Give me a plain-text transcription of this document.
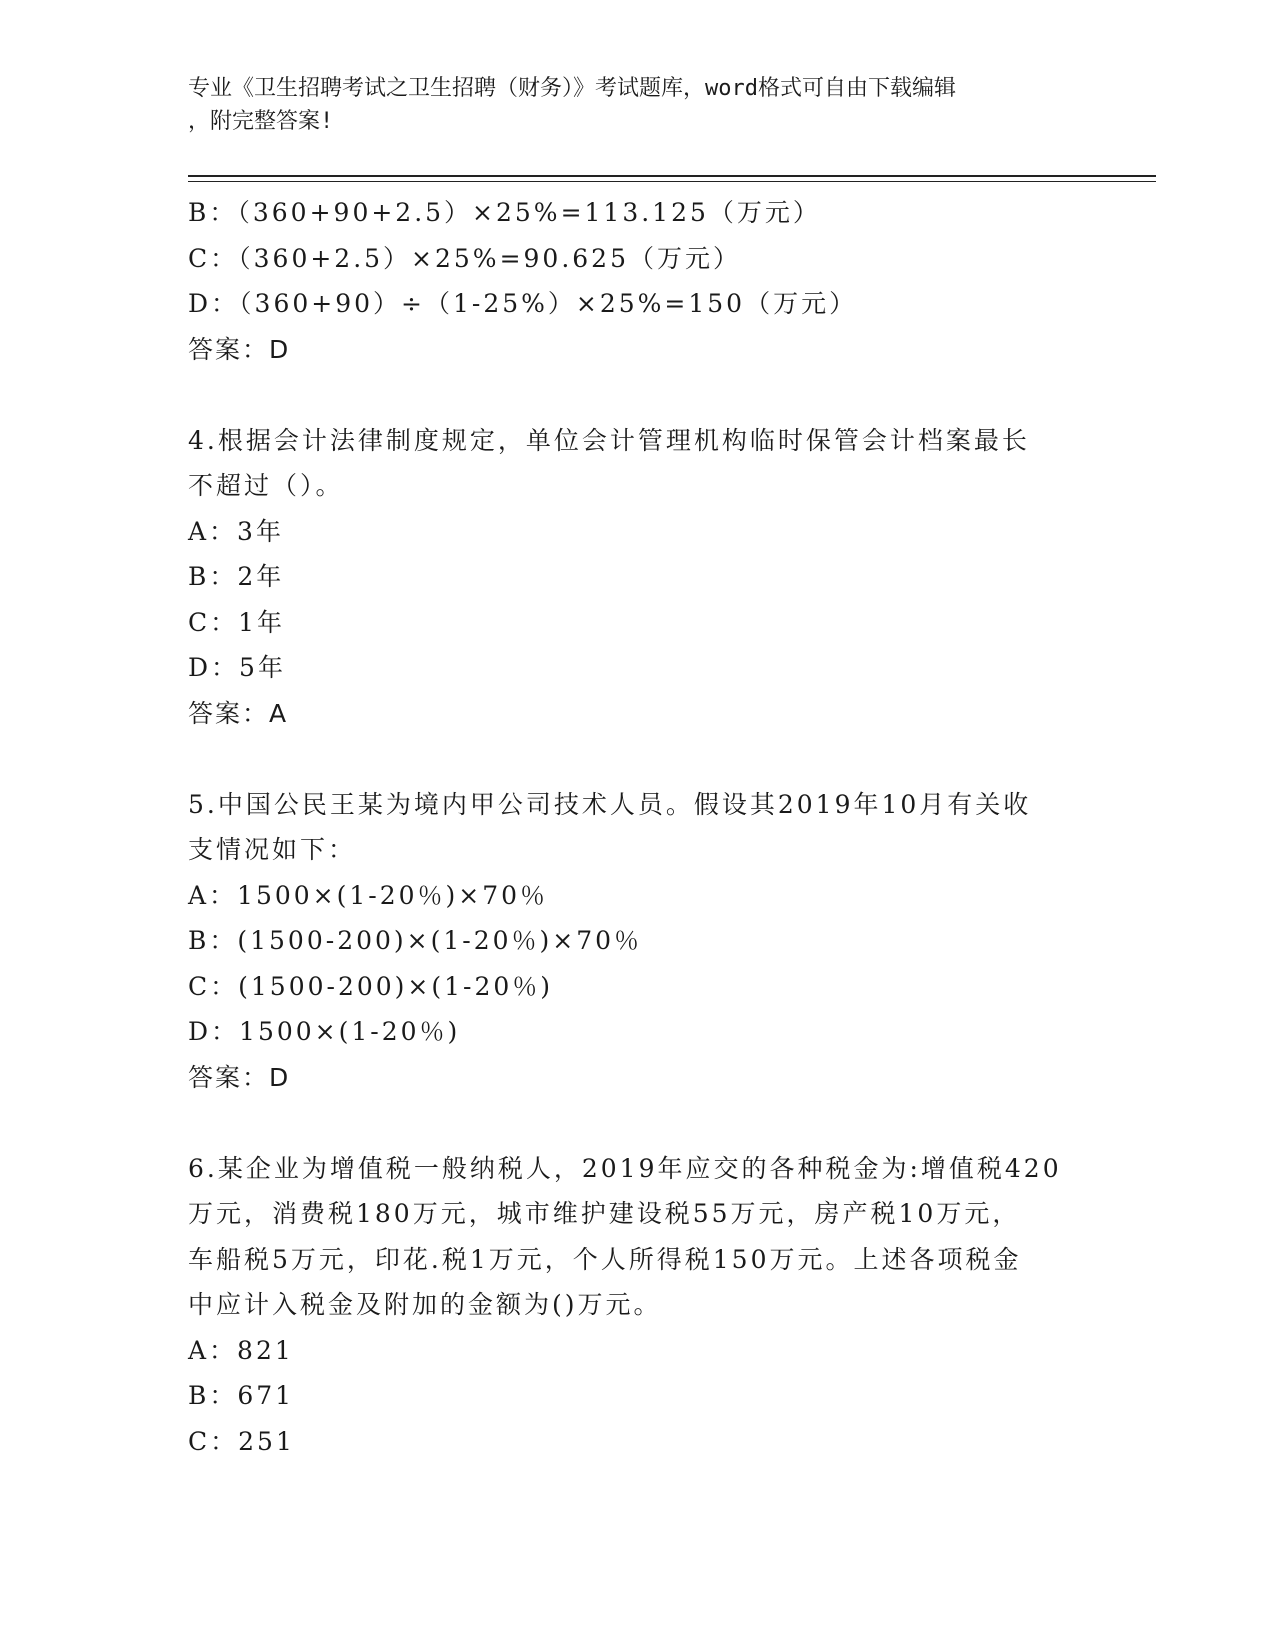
专业《卫生招聘考试之卫生招聘（财务）》考试题库，word格式可自由下载编辑
，附完整答案!
B：（360+90+2.5）×25%=113.125（万元）
C：（360+2.5）×25%=90.625（万元）
D：（360+90）÷（1-25%）×25%=150（万元）
答案：D
4.根据会计法律制度规定，单位会计管理机构临时保管会计档案最长
不超过（）。
A：3年
B：2年
C：1年
D：5年
答案：A
5.中国公民王某为境内甲公司技术人员。假设其2019年10月有关收
支情况如下：
A：1500×(1-20％)×70％
B：(1500-200)×(1-20％)×70％
C：(1500-200)×(1-20％)
D：1500×(1-20％)
答案：D
6.某企业为增值税一般纳税人，2019年应交的各种税金为:增值税420
万元，消费税180万元，城市维护建设税55万元，房产税10万元，
车船税5万元，印花.税1万元，个人所得税150万元。上述各项税金
中应计入税金及附加的金额为()万元。
A：821
B：671
C：251
